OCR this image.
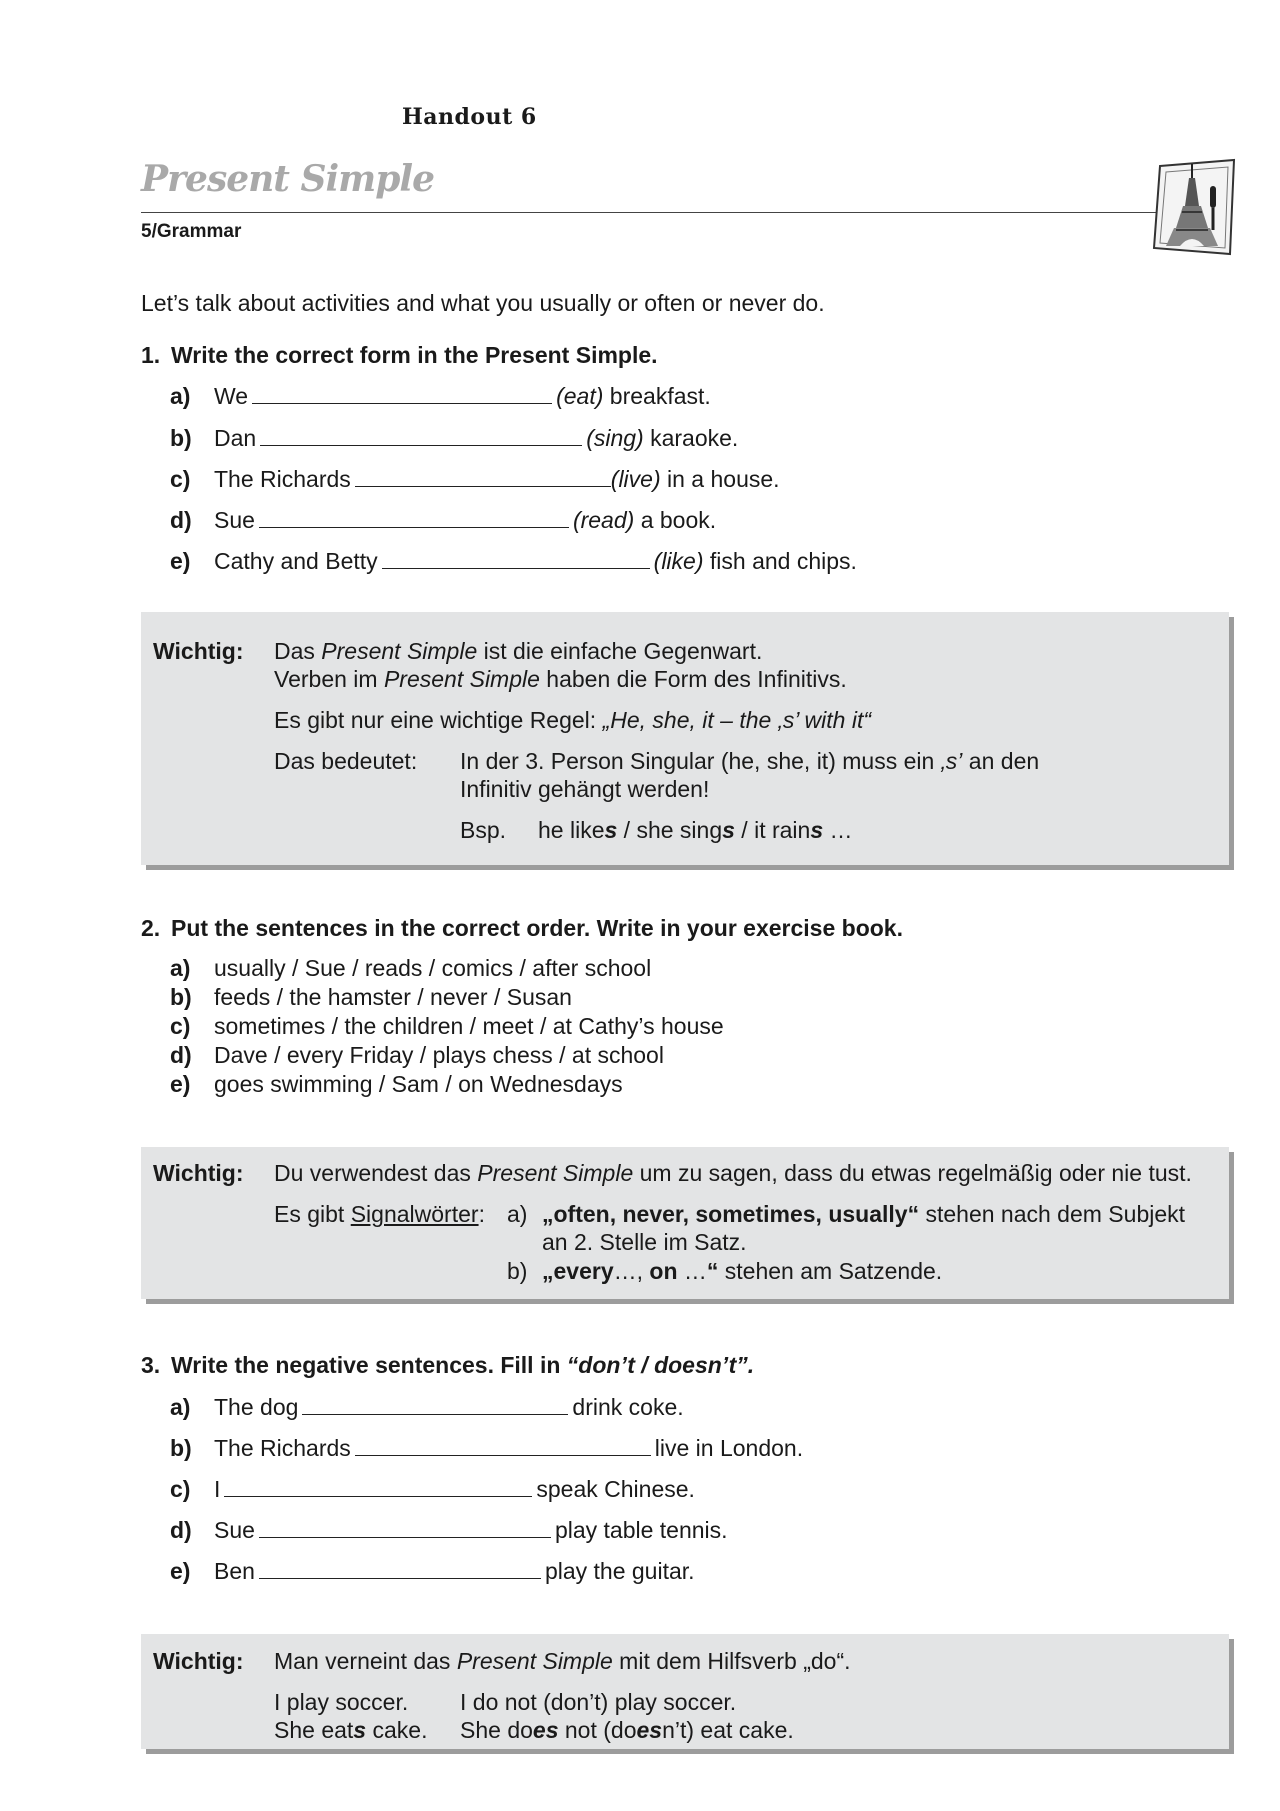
Handout 6
Present Simple
5/Grammar
Let’s talk about activities and what you usually or often or never do.
1. Write the correct form in the Present Simple.
a) We	(eat) breakfast.
b) Dan	(sing) karaoke.
c) The Richards	(live) in a house.
d) Sue	(read) a book.
e) Cathy and Betty	(like) fish and chips.
Wichtig: Das Present Simple ist die einfache Gegenwart.
Verben im Present Simple haben die Form des Infinitivs.
Es gibt nur eine wichtige Regel: „He, she, it – the ‚s’ with it“
Das bedeutet: In der 3. Person Singular (he, she, it) muss ein ‚s’ an den
Infinitiv gehängt werden!
Bsp. he likes / she sings / it rains …
2. Put the sentences in the correct order. Write in your exercise book.
a) usually / Sue / reads / comics / after school
b) feeds / the hamster / never / Susan
c) sometimes / the children / meet / at Cathy’s house
d) Dave / every Friday / plays chess / at school
e) goes swimming / Sam / on Wednesdays
Wichtig: Du verwendest das Present Simple um zu sagen, dass du etwas regelmäßig oder nie tust.
Es gibt Signalwörter: a) „often, never, sometimes, usually“ stehen nach dem Subjekt
an 2. Stelle im Satz.
b) „every…, on …“ stehen am Satzende.
3. Write the negative sentences. Fill in “don’t / doesn’t”.
a) The dog	drink coke.
b) The Richards	live in London.
c) I	speak Chinese.
d) Sue	play table tennis.
e) Ben	play the guitar.
Wichtig: Man verneint das Present Simple mit dem Hilfsverb „do“.
I play soccer. I do not (don’t) play soccer.
She eats cake. She does not (doesn’t) eat cake.
